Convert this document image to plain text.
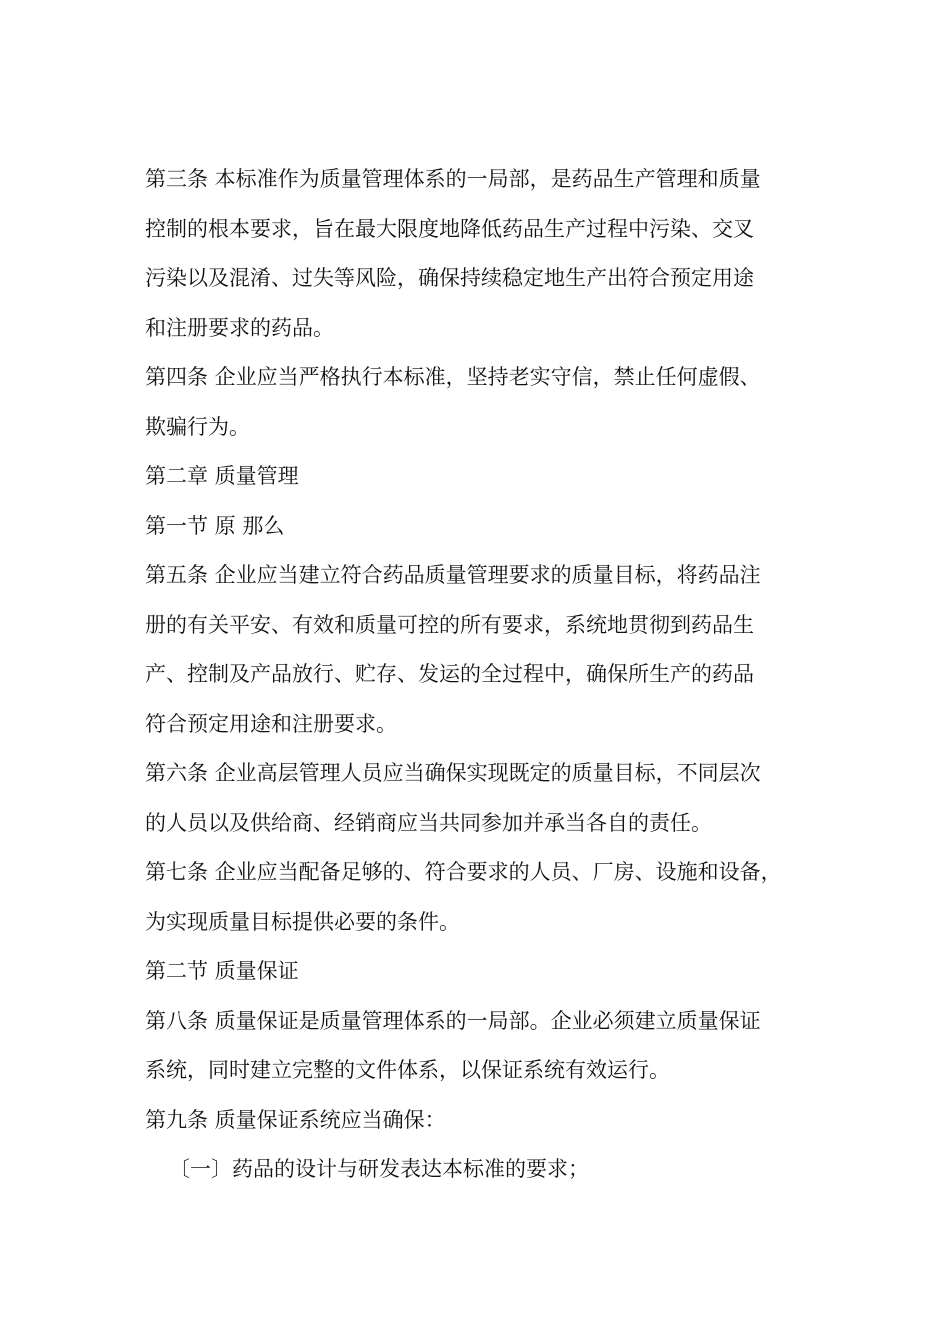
第三条 本标准作为质量管理体系的一局部，是药品生产管理和质量
控制的根本要求，旨在最大限度地降低药品生产过程中污染、交叉
污染以及混淆、过失等风险，确保持续稳定地生产出符合预定用途
和注册要求的药品。
第四条 企业应当严格执行本标准，坚持老实守信，禁止任何虚假、
欺骗行为。
第二章 质量管理
第一节 原 那么
第五条 企业应当建立符合药品质量管理要求的质量目标，将药品注
册的有关平安、有效和质量可控的所有要求，系统地贯彻到药品生
产、控制及产品放行、贮存、发运的全过程中，确保所生产的药品
符合预定用途和注册要求。
第六条 企业高层管理人员应当确保实现既定的质量目标，不同层次
的人员以及供给商、经销商应当共同参加并承当各自的责任。
第七条 企业应当配备足够的、符合要求的人员、厂房、设施和设备，
为实现质量目标提供必要的条件。
第二节 质量保证
第八条 质量保证是质量管理体系的一局部。企业必须建立质量保证
系统，同时建立完整的文件体系，以保证系统有效运行。
第九条 质量保证系统应当确保：
〔一〕药品的设计与研发表达本标准的要求；
